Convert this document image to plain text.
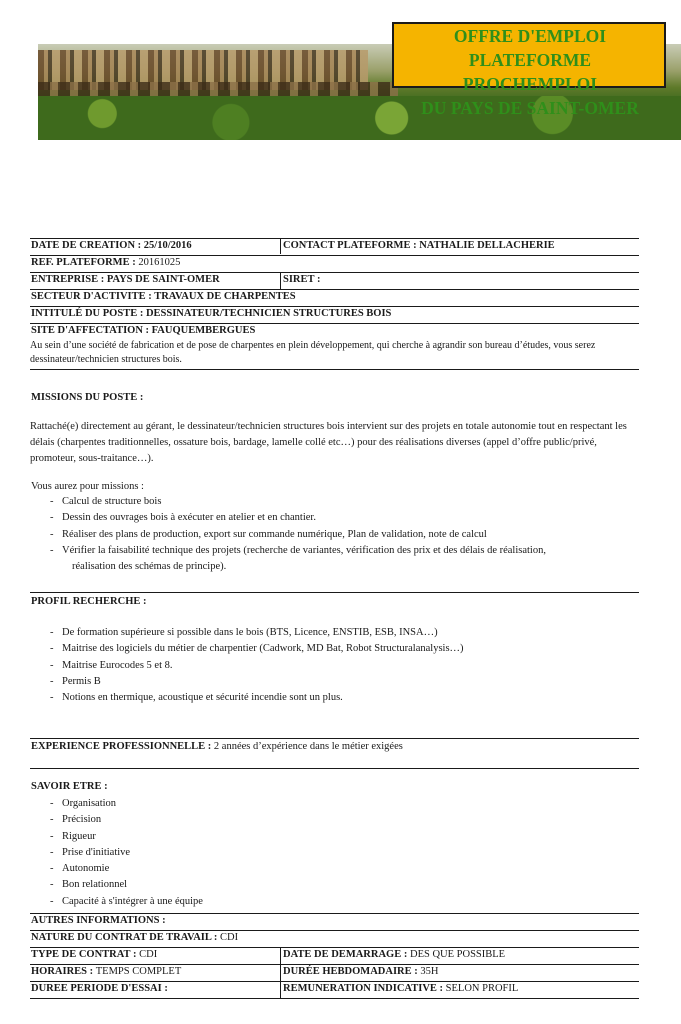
OFFRE D'EMPLOI
PLATEFORME
PROCHEMPLOI
DU PAYS DE SAINT-OMER
DATE DE CREATION : 25/10/2016	CONTACT PLATEFORME : NATHALIE DELLACHERIE
REF. PLATEFORME : 20161025
ENTREPRISE : PAYS DE SAINT-OMER	SIRET :
SECTEUR D'ACTIVITE : TRAVAUX DE CHARPENTES
INTITULÉ DU POSTE : DESSINATEUR/TECHNICIEN STRUCTURES BOIS
SITE D'AFFECTATION : FAUQUEMBERGUES
Au sein d’une société de fabrication et de pose de charpentes en plein développement, qui cherche à agrandir son bureau d’études, vous serez dessinateur/technicien structures bois.
MISSIONS DU POSTE :
Rattaché(e) directement au gérant, le dessinateur/technicien structures bois intervient sur des projets en totale autonomie tout en respectant les délais (charpentes traditionnelles, ossature bois, bardage, lamelle collé etc…) pour des réalisations diverses (appel d’offre public/privé, promoteur, sous-traitance…).
Vous aurez pour missions :
- Calcul de structure bois
- Dessin des ouvrages bois à exécuter en atelier et en chantier.
- Réaliser des plans de production, export sur commande numérique, Plan de validation, note de calcul
- Vérifier la faisabilité technique des projets (recherche de variantes, vérification des prix et des délais de réalisation,
réalisation des schémas de principe).
PROFIL RECHERCHE :
- De formation supérieure si possible dans le bois (BTS, Licence, ENSTIB, ESB, INSA…)
- Maitrise des logiciels du métier de charpentier (Cadwork, MD Bat, Robot Structuralanalysis…)
- Maitrise Eurocodes 5 et 8.
- Permis B
- Notions en thermique, acoustique et sécurité incendie sont un plus.
EXPERIENCE PROFESSIONNELLE : 2 années d’expérience dans le métier exigées
SAVOIR ETRE :
- Organisation
- Précision
- Rigueur
- Prise d'initiative
- Autonomie
- Bon relationnel
- Capacité à s'intégrer à une équipe
AUTRES INFORMATIONS :
NATURE DU CONTRAT DE TRAVAIL : CDI
TYPE DE CONTRAT : CDI	DATE DE DEMARRAGE : DES QUE POSSIBLE
HORAIRES : TEMPS COMPLET	DURÉE HEBDOMADAIRE : 35H
DUREE PERIODE D'ESSAI :	REMUNERATION INDICATIVE : SELON PROFIL
